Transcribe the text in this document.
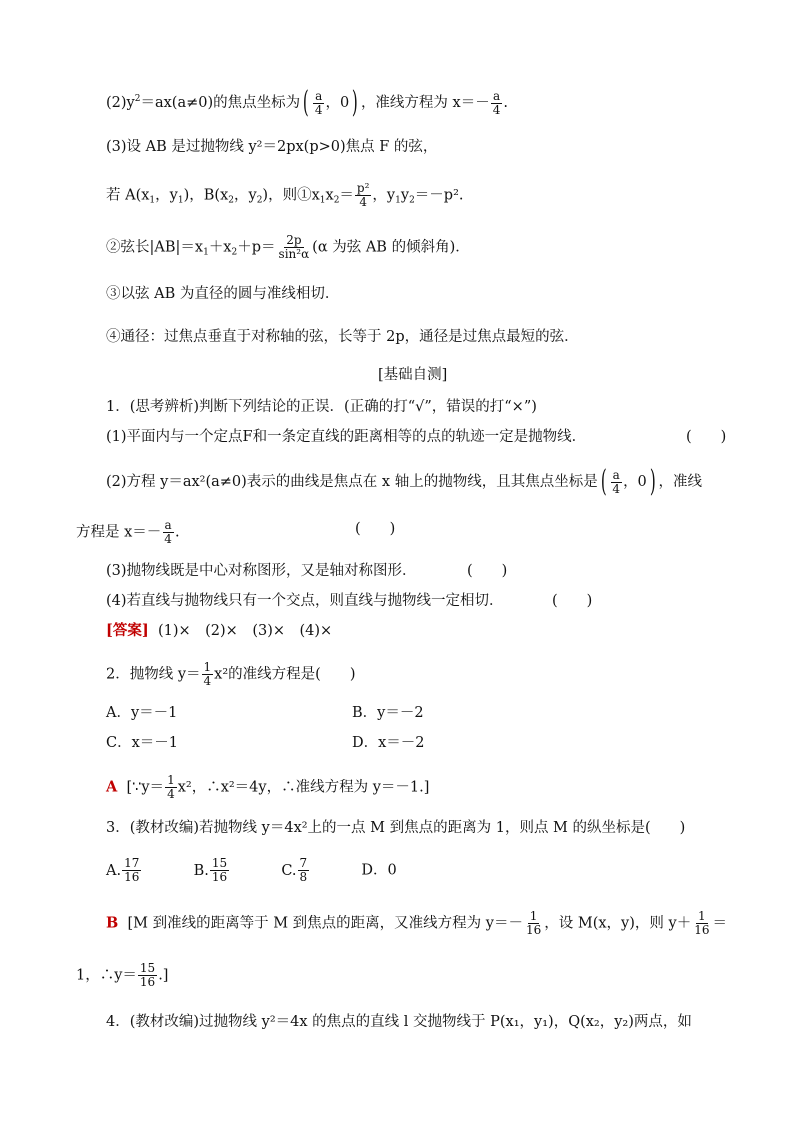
$(2)y^2=ax(a\ne 0)$的焦点坐标为( $\frac{a}{4}$ ，0) ，准线方程为 $x=- \frac{a}{4}$ .
(3)设 AB 是过抛物线 y²＝2px(p>0)焦点 F 的弦，
若 $A(x_1$，$y_1$)，$B(x_2$，$y_2$)，则$①x_1x_2= \frac{\text{p²}}{4}$ ，$y_1y_2=-p^2$.
②弦长$|AB|=x_1+x_2+p= \frac{2p}{\text{sin²α}} (\alpha$ 为弦 AB 的倾斜角)．
③以弦 AB 为直径的圆与准线相切．
④通径：过焦点垂直于对称轴的弦，长等于 2p，通径是过焦点最短的弦．
[基础自测]
1．(思考辨析)判断下列结论的正误．(正确的打“√”，错误的打“×”)
(1)平面内与一个定点F和一条定直线的距离相等的点的轨迹一定是抛物线．	(　　)
(2)方程 y＝ax²(a≠0)表示的曲线是焦点在 x 轴上的抛物线，且其焦点坐标是( $\frac{a}{4}$ ，0) ，准线
方程是 $x=- \frac{a}{4}$ .	(　　)
(3)抛物线既是中心对称图形，又是轴对称图形．	(　　)
(4)若直线与抛物线只有一个交点，则直线与抛物线一定相切．	(　　)
[答案] (1)×　(2)×　(3)×　(4)×
2．抛物线 $y= \frac{1}{4} x^2$的准线方程是(　　)
A．y＝－1	B．y＝－2
C．x＝－1	D．x＝－2
A [∵y＝ $\frac{1}{4} x^2$，∴x²＝4y，∴准线方程为 y＝－1.]
3．(教材改编)若抛物线 y＝4x²上的一点 M 到焦点的距离为 1，则点 M 的纵坐标是(　　)
A. $\frac{17}{16}$	B. $\frac{15}{16}$	C. $\frac{7}{8}$	D．0
B [M 到准线的距离等于 M 到焦点的距离，又准线方程为 $y=- \frac{1}{16}$ ，设 M(x，y)，则 $y+ \frac{1}{16}$ ＝
1，∴y＝ $\frac{15}{16}$ .]
4．(教材改编)过抛物线 y²＝4x 的焦点的直线 l 交抛物线于 P(x₁，y₁)，Q(x₂，y₂)两点，如
